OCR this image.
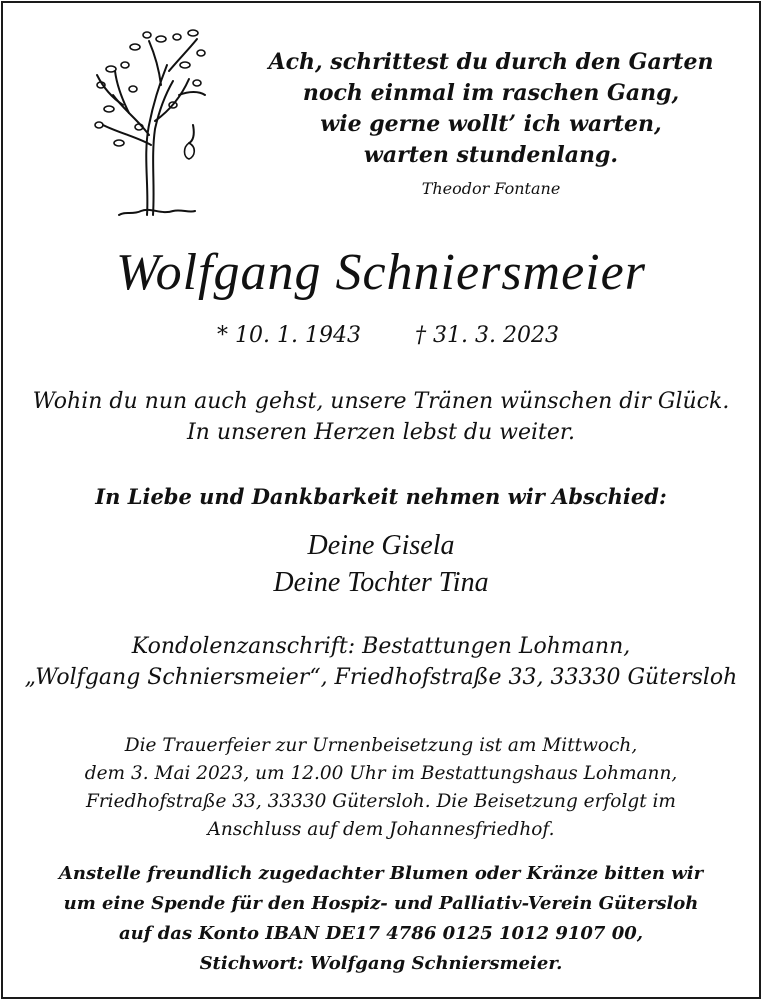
Ach, schrittest du durch den Garten
noch einmal im raschen Gang,
wie gerne wollt’ ich warten,
warten stundenlang.
Theodor Fontane
Wolfgang Schniersmeier
* 10. 1. 1943 † 31. 3. 2023
Wohin du nun auch gehst, unsere Tränen wünschen dir Glück.
In unseren Herzen lebst du weiter.
In Liebe und Dankbarkeit nehmen wir Abschied:
Deine Gisela
Deine Tochter Tina
Kondolenzanschrift: Bestattungen Lohmann,
„Wolfgang Schniersmeier“, Friedhofstraße 33, 33330 Gütersloh
Die Trauerfeier zur Urnenbeisetzung ist am Mittwoch,
dem 3. Mai 2023, um 12.00 Uhr im Bestattungshaus Lohmann,
Friedhofstraße 33, 33330 Gütersloh. Die Beisetzung erfolgt im
Anschluss auf dem Johannesfriedhof.
Anstelle freundlich zugedachter Blumen oder Kränze bitten wir
um eine Spende für den Hospiz- und Palliativ-Verein Gütersloh
auf das Konto IBAN DE17 4786 0125 1012 9107 00,
Stichwort: Wolfgang Schniersmeier.
